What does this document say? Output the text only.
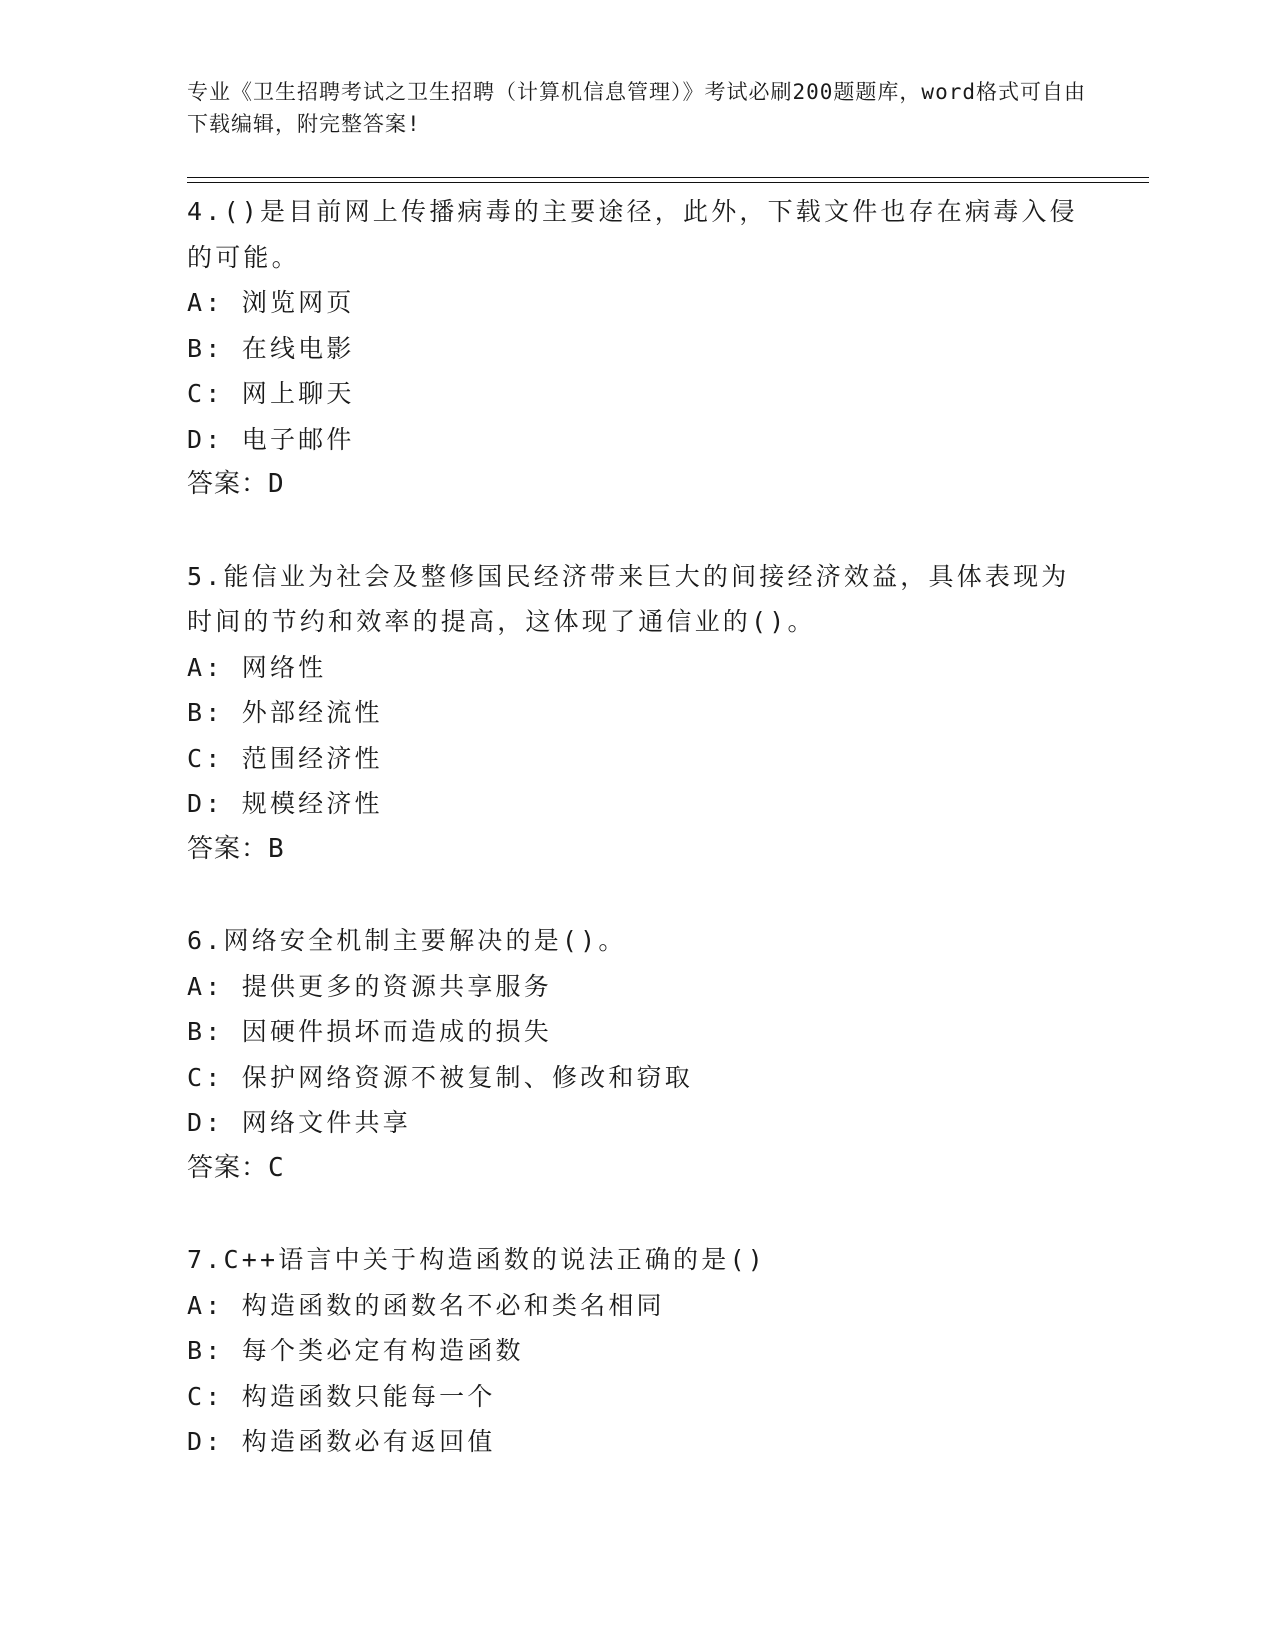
专业《卫生招聘考试之卫生招聘（计算机信息管理）》考试必刷200题题库，word格式可自由下载编辑，附完整答案!
4.()是目前网上传播病毒的主要途径，此外，下载文件也存在病毒入侵的可能。
A: 浏览网页
B: 在线电影
C: 网上聊天
D: 电子邮件
答案：D
5.能信业为社会及整修国民经济带来巨大的间接经济效益，具体表现为时间的节约和效率的提高，这体现了通信业的()。
A: 网络性
B: 外部经流性
C: 范围经济性
D: 规模经济性
答案：B
6.网络安全机制主要解决的是()。
A: 提供更多的资源共享服务
B: 因硬件损坏而造成的损失
C: 保护网络资源不被复制、修改和窃取
D: 网络文件共享
答案：C
7.C++语言中关于构造函数的说法正确的是()
A: 构造函数的函数名不必和类名相同
B: 每个类必定有构造函数
C: 构造函数只能每一个
D: 构造函数必有返回值
